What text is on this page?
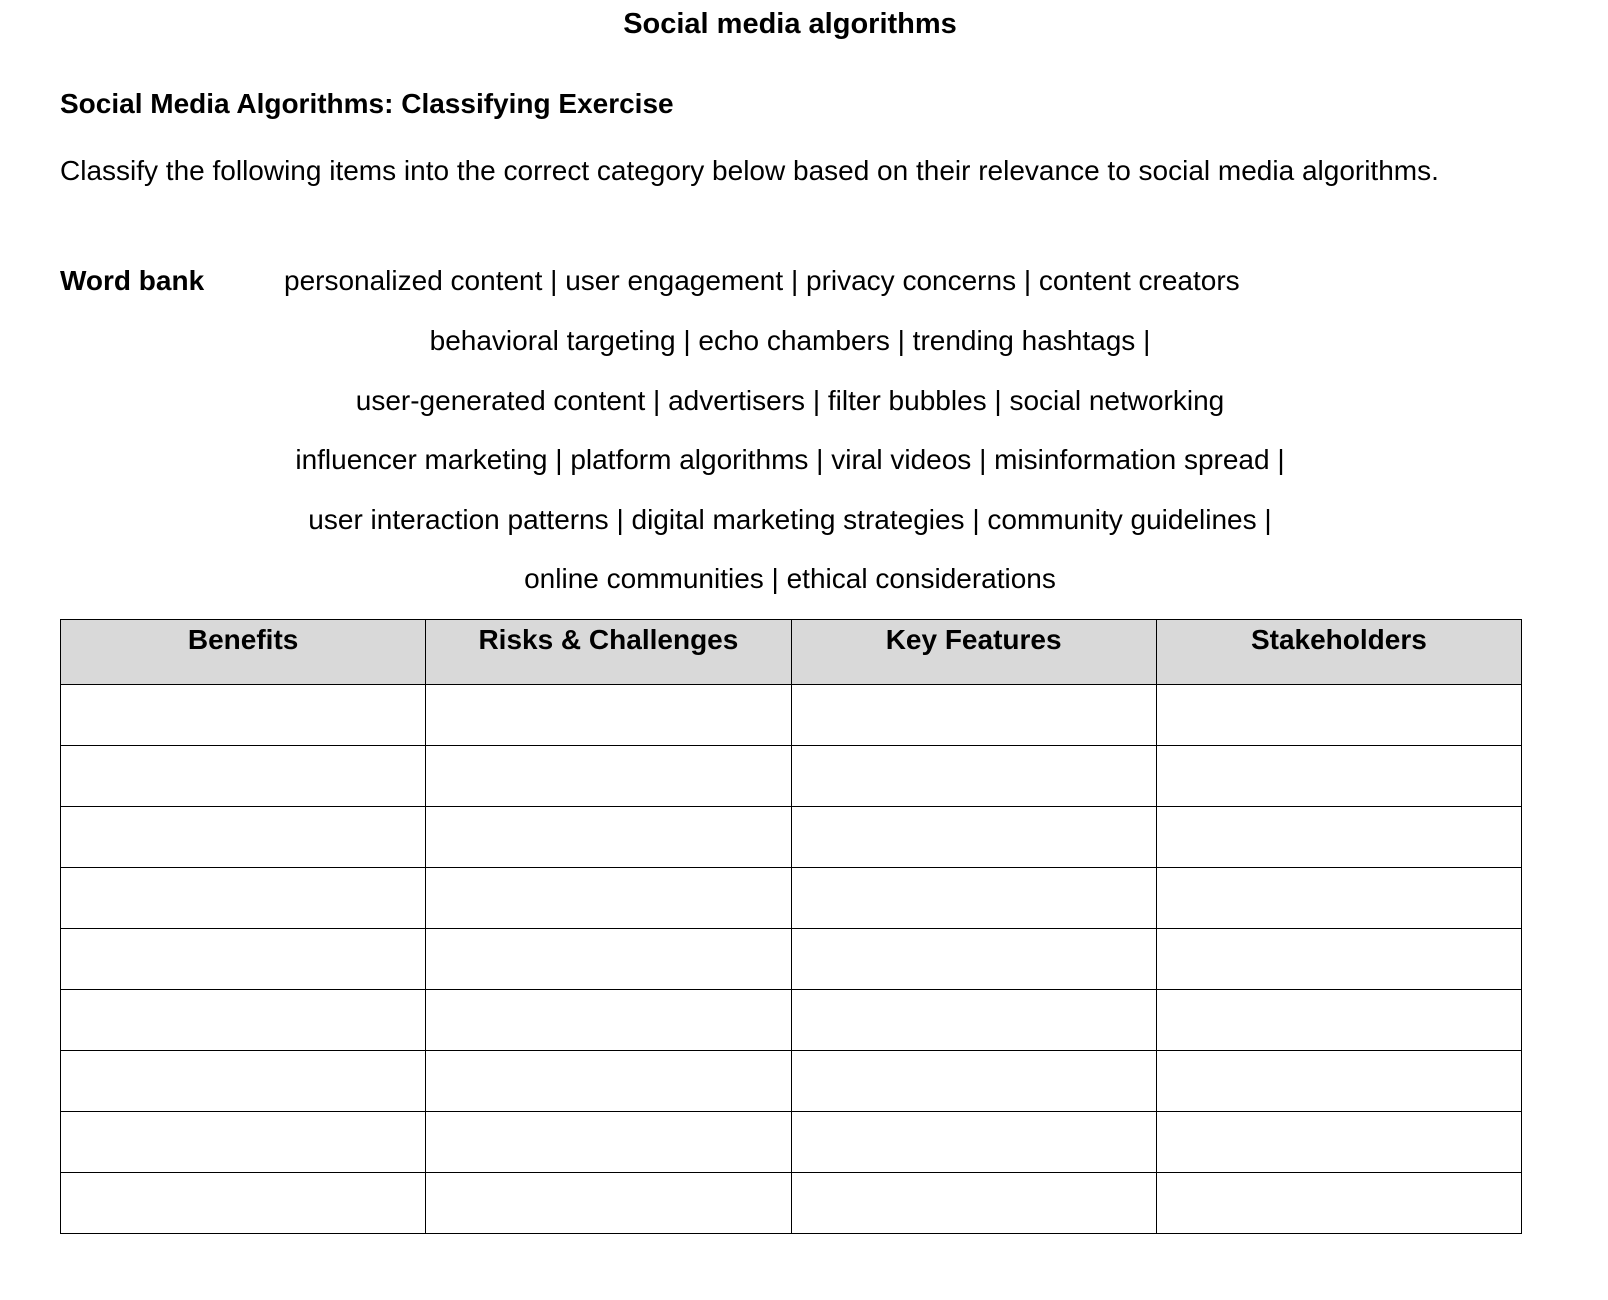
Social media algorithms
Social Media Algorithms: Classifying Exercise
Classify the following items into the correct category below based on their relevance to social media algorithms.
Word bank	personalized content | user engagement | privacy concerns | content creators
behavioral targeting | echo chambers | trending hashtags |
user-generated content | advertisers | filter bubbles | social networking
influencer marketing | platform algorithms | viral videos | misinformation spread |
user interaction patterns | digital marketing strategies | community guidelines |
online communities | ethical considerations
Benefits	Risks & Challenges	Key Features	Stakeholders
